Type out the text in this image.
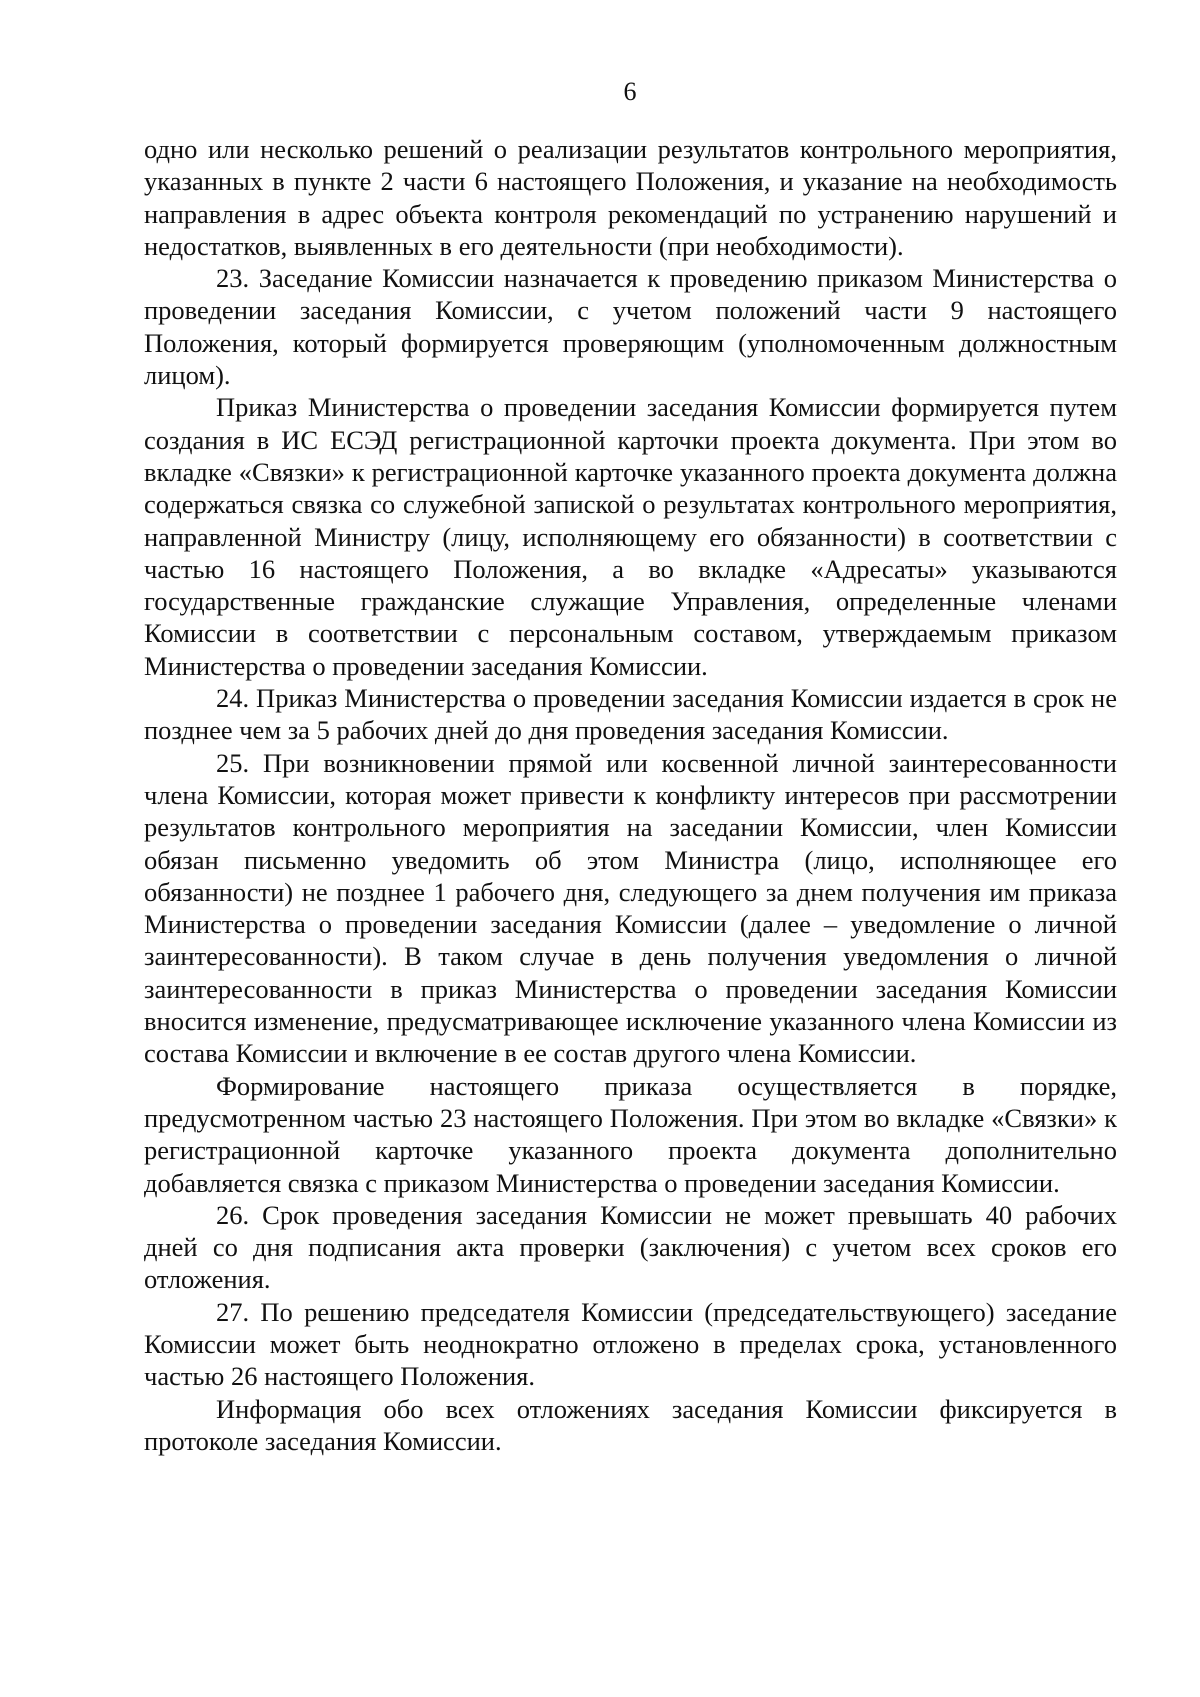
6

одно или несколько решений о реализации результатов контрольного мероприятия, указанных в пункте 2 части 6 настоящего Положения, и указание на необходимость направления в адрес объекта контроля рекомендаций по устранению нарушений и недостатков, выявленных в его деятельности (при необходимости).

23. Заседание Комиссии назначается к проведению приказом Министерства о проведении заседания Комиссии, с учетом положений части 9 настоящего Положения, который формируется проверяющим (уполномоченным должностным лицом).

Приказ Министерства о проведении заседания Комиссии формируется путем создания в ИС ЕСЭД регистрационной карточки проекта документа. При этом во вкладке «Связки» к регистрационной карточке указанного проекта документа должна содержаться связка со служебной запиской о результатах контрольного мероприятия, направленной Министру (лицу, исполняющему его обязанности) в соответствии с частью 16 настоящего Положения, а во вкладке «Адресаты» указываются государственные гражданские служащие Управления, определенные членами Комиссии в соответствии с персональным составом, утверждаемым приказом Министерства о проведении заседания Комиссии.

24. Приказ Министерства о проведении заседания Комиссии издается в срок не позднее чем за 5 рабочих дней до дня проведения заседания Комиссии.

25. При возникновении прямой или косвенной личной заинтересованности члена Комиссии, которая может привести к конфликту интересов при рассмотрении результатов контрольного мероприятия на заседании Комиссии, член Комиссии обязан письменно уведомить об этом Министра (лицо, исполняющее его обязанности) не позднее 1 рабочего дня, следующего за днем получения им приказа Министерства о проведении заседания Комиссии (далее – уведомление о личной заинтересованности). В таком случае в день получения уведомления о личной заинтересованности в приказ Министерства о проведении заседания Комиссии вносится изменение, предусматривающее исключение указанного члена Комиссии из состава Комиссии и включение в ее состав другого члена Комиссии.

Формирование настоящего приказа осуществляется в порядке, предусмотренном частью 23 настоящего Положения. При этом во вкладке «Связки» к регистрационной карточке указанного проекта документа дополнительно добавляется связка с приказом Министерства о проведении заседания Комиссии.

26. Срок проведения заседания Комиссии не может превышать 40 рабочих дней со дня подписания акта проверки (заключения) с учетом всех сроков его отложения.

27. По решению председателя Комиссии (председательствующего) заседание Комиссии может быть неоднократно отложено в пределах срока, установленного частью 26 настоящего Положения.

Информация обо всех отложениях заседания Комиссии фиксируется в протоколе заседания Комиссии.
